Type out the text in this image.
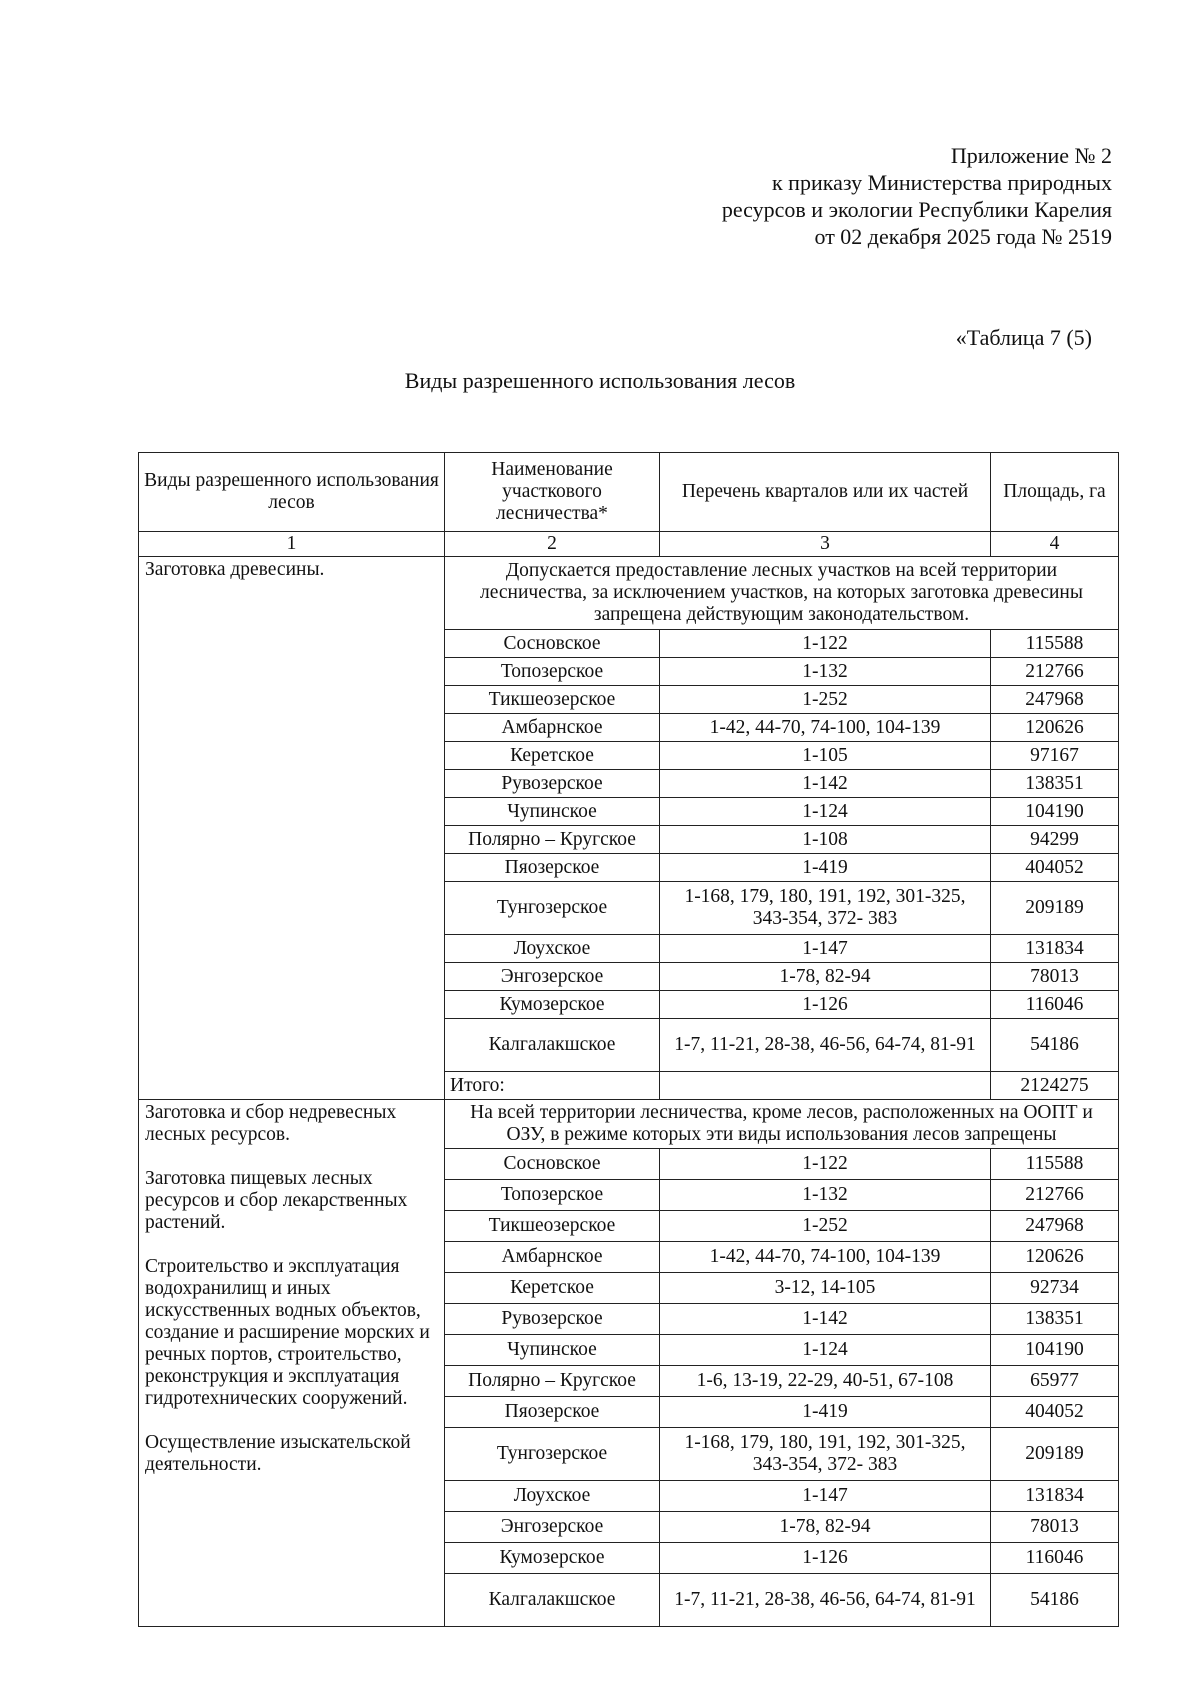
Приложение № 2
к приказу Министерства природных
ресурсов и экологии Республики Карелия
от 02 декабря 2025 года № 2519
«Таблица 7 (5)
Виды разрешенного использования лесов
Виды разрешенного использования лесов	Наименование участкового лесничества*	Перечень кварталов или их частей	Площадь, га
1	2	3	4
Заготовка древесины.	Допускается предоставление лесных участков на всей территории лесничества, за исключением участков, на которых заготовка древесины запрещена действующим законодательством.		
	Сосновское	1-122	115588
	Топозерское	1-132	212766
	Тикшеозерское	1-252	247968
	Амбарнское	1-42, 44-70, 74-100, 104-139	120626
	Керетское	1-105	97167
	Рувозерское	1-142	138351
	Чупинское	1-124	104190
	Полярно – Кругское	1-108	94299
	Пяозерское	1-419	404052
	Тунгозерское	1-168, 179, 180, 191, 192, 301-325, 343-354, 372- 383	209189
	Лоухское	1-147	131834
	Энгозерское	1-78, 82-94	78013
	Кумозерское	1-126	116046
	Калгалакшское	1-7, 11-21, 28-38, 46-56, 64-74, 81-91	54186
	Итого:		2124275

Заготовка и сбор недревесных лесных ресурсов.
Заготовка пищевых лесных ресурсов и сбор лекарственных растений.
Строительство и эксплуатация водохранилищ и иных искусственных водных объектов, создание и расширение морских и речных портов, строительство, реконструкция и эксплуатация гидротехнических сооружений.
Осуществление изыскательской деятельности.	На всей территории лесничества, кроме лесов, расположенных на ООПТ и ОЗУ, в режиме которых эти виды использования лесов запрещены		
	Сосновское	1-122	115588
	Топозерское	1-132	212766
	Тикшеозерское	1-252	247968
	Амбарнское	1-42, 44-70, 74-100, 104-139	120626
	Керетское	3-12, 14-105	92734
	Рувозерское	1-142	138351
	Чупинское	1-124	104190
	Полярно – Кругское	1-6, 13-19, 22-29, 40-51, 67-108	65977
	Пяозерское	1-419	404052
	Тунгозерское	1-168, 179, 180, 191, 192, 301-325, 343-354, 372- 383	209189
	Лоухское	1-147	131834
	Энгозерское	1-78, 82-94	78013
	Кумозерское	1-126	116046
	Калгалакшское	1-7, 11-21, 28-38, 46-56, 64-74, 81-91	54186
